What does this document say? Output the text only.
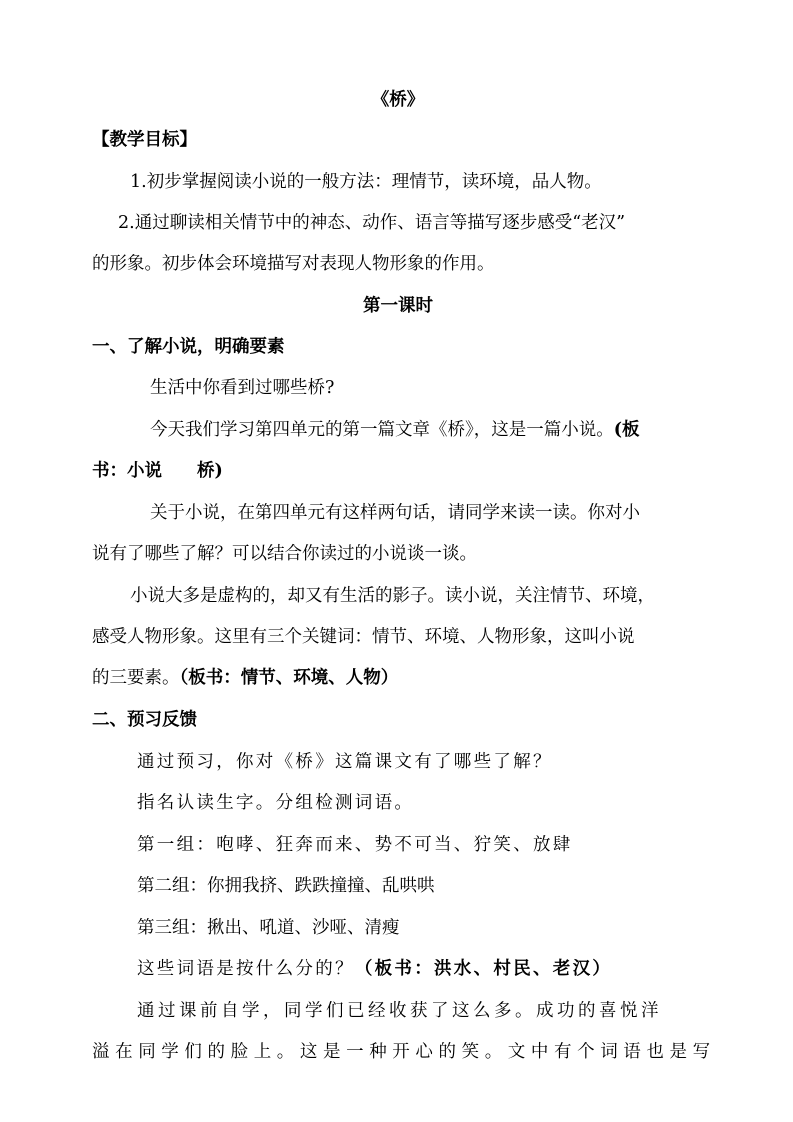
《桥》
【教学目标】
1.初步掌握阅读小说的一般方法：理情节，读环境，品人物。
2.通过聊读相关情节中的神态、动作、语言等描写逐步感受“老汉”
的形象。初步体会环境描写对表现人物形象的作用。
第一课时
一、了解小说，明确要素
生活中你看到过哪些桥?
今天我们学习第四单元的第一篇文章《桥》，这是一篇小说。(板
书：小说　　桥)
关于小说，在第四单元有这样两句话，请同学来读一读。你对小
说有了哪些了解？可以结合你读过的小说谈一谈。
小说大多是虚构的，却又有生活的影子。读小说，关注情节、环境，
感受人物形象。这里有三个关键词：情节、环境、人物形象，这叫小说
的三要素。（板书：情节、环境、人物）
二、预习反馈
通过预习，你对《桥》这篇课文有了哪些了解？
指名认读生字。分组检测词语。
第一组：咆哮、狂奔而来、势不可当、狞笑、放肆
第二组：你拥我挤、跌跌撞撞、乱哄哄
第三组：揪出、吼道、沙哑、清瘦
这些词语是按什么分的？（板书：洪水、村民、老汉）
通过课前自学，同学们已经收获了这么多。成功的喜悦洋
溢在同学们的脸上。这是一种开心的笑。文中有个词语也是写
